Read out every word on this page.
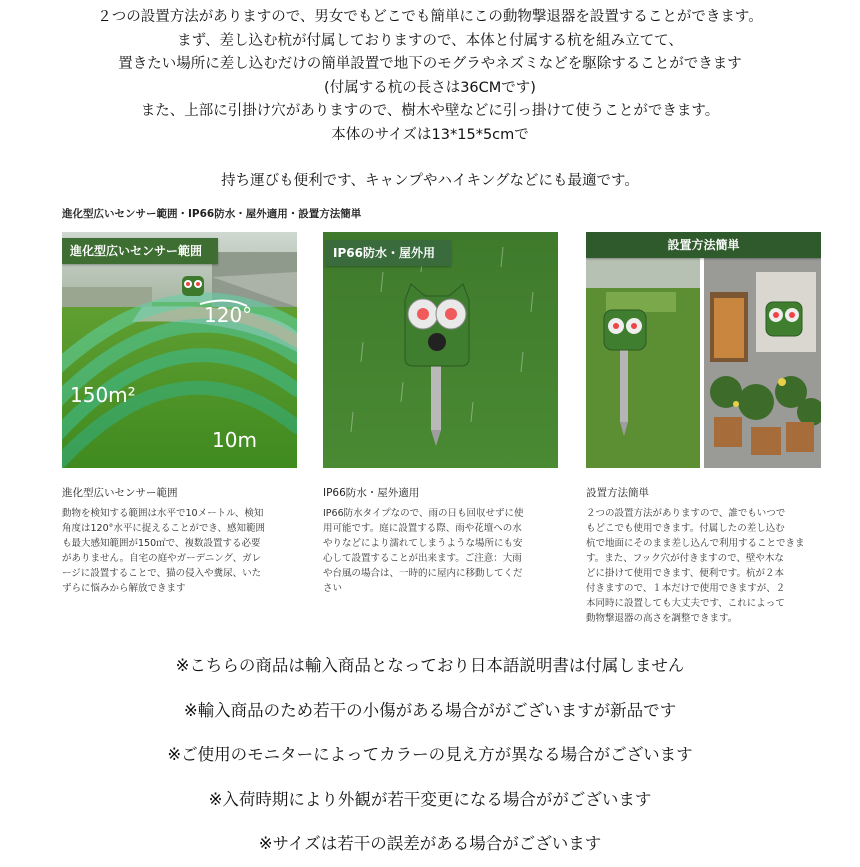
２つの設置方法がありますので、男女でもどこでも簡単にこの動物撃退器を設置することができます。
まず、差し込む杭が付属しておりますので、本体と付属する杭を組み立てて、
置きたい場所に差し込むだけの簡単設置で地下のモグラやネズミなどを駆除することができます
(付属する杭の長さは36CMです)
また、上部に引掛け穴がありますので、樹木や壁などに引っ掛けて使うことができます。
本体のサイズは13*15*5cmで
持ち運びも便利です、キャンプやハイキングなどにも最適です。
進化型広いセンサー範囲・IP66防水・屋外適用・設置方法簡単
120°
150m²
10m
進化型広いセンサー範囲	IP66防水・屋外用
設置方法簡単
進化型広いセンサー範囲
動物を検知する範囲は水平で10メートル、検知
角度は120°水平に捉えることができ、感知範囲
も最大感知範囲が150㎡で、複数設置する必要
がありません。自宅の庭やガーデニング、ガレ
ージに設置することで、猫の侵入や糞尿、いた
ずらに悩みから解放できます
IP66防水・屋外適用
IP66防水タイプなので、雨の日も回収せずに使
用可能です。庭に設置する際、雨や花壇への水
やりなどにより濡れてしまうような場所にも安
心して設置することが出来ます。ご注意：大雨
や台風の場合は、一時的に屋内に移動してくだ
さい
設置方法簡単
２つの設置方法がありますので、誰でもいつで
もどこでも使用できます。付属したの差し込む
杭で地面にそのまま差し込んで利用することできま
す。また、フック穴が付きますので、壁や木な
どに掛けて使用できます、便利です。杭が２本
付きますので、１本だけで使用できますが、２
本同時に設置しても大丈夫です、これによって
動物撃退器の高さを調整できます。
※こちらの商品は輸入商品となっており日本語説明書は付属しません
※輸入商品のため若干の小傷がある場合ががございますが新品です
※ご使用のモニターによってカラーの見え方が異なる場合がございます
※入荷時期により外観が若干変更になる場合ががございます
※サイズは若干の誤差がある場合がございます
